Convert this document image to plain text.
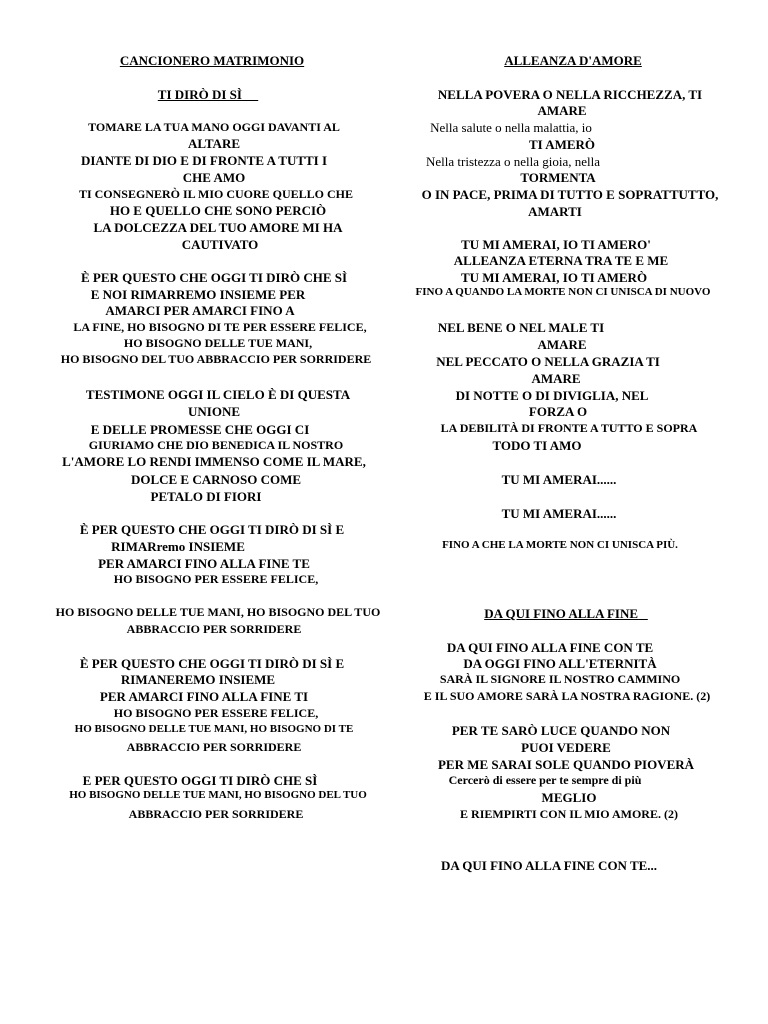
CANCIONERO MATRIMONIO
TI DIRÒ DI SÌ
TOMARE LA TUA MANO OGGI DAVANTI AL
ALTARE
DIANTE DI DIO E DI FRONTE A TUTTI I
CHE AMO
TI CONSEGNERÒ IL MIO CUORE QUELLO CHE
HO E QUELLO CHE SONO PERCIÒ
LA DOLCEZZA DEL TUO AMORE MI HA
CAUTIVATO
È PER QUESTO CHE OGGI TI DIRÒ CHE SÌ
E NOI RIMARREMO INSIEME PER
AMARCI PER AMARCI FINO A
LA FINE, HO BISOGNO DI TE PER ESSERE FELICE,
HO BISOGNO DELLE TUE MANI,
HO BISOGNO DEL TUO ABBRACCIO PER SORRIDERE
TESTIMONE OGGI IL CIELO È DI QUESTA
UNIONE
E DELLE PROMESSE CHE OGGI CI
GIURIAMO CHE DIO BENEDICA IL NOSTRO
L'AMORE LO RENDI IMMENSO COME IL MARE,
DOLCE E CARNOSO COME
PETALO DI FIORI
È PER QUESTO CHE OGGI TI DIRÒ DI SÌ E
RIMARremo INSIEME
PER AMARCI FINO ALLA FINE TE
HO BISOGNO PER ESSERE FELICE,
HO BISOGNO DELLE TUE MANI, HO BISOGNO DEL TUO
ABBRACCIO PER SORRIDERE
È PER QUESTO CHE OGGI TI DIRÒ DI SÌ E
RIMANEREMO INSIEME
PER AMARCI FINO ALLA FINE TI
HO BISOGNO PER ESSERE FELICE,
HO BISOGNO DELLE TUE MANI, HO BISOGNO DI TE
ABBRACCIO PER SORRIDERE
E PER QUESTO OGGI TI DIRÒ CHE SÌ
HO BISOGNO DELLE TUE MANI, HO BISOGNO DEL TUO
ABBRACCIO PER SORRIDERE
ALLEANZA D'AMORE
NELLA POVERA O NELLA RICCHEZZA, TI
AMARE
Nella salute o nella malattia, io
TI AMERÒ
Nella tristezza o nella gioia, nella
TORMENTA
O IN PACE, PRIMA DI TUTTO E SOPRATTUTTO,
AMARTI
TU MI AMERAI, IO TI AMERO'
ALLEANZA ETERNA TRA TE E ME
TU MI AMERAI, IO TI AMERÒ
FINO A QUANDO LA MORTE NON CI UNISCA DI NUOVO
NEL BENE O NEL MALE TI
AMARE
NEL PECCATO O NELLA GRAZIA TI
AMARE
DI NOTTE O DI DIVIGLIA, NEL
FORZA O
LA DEBILITÀ DI FRONTE A TUTTO E SOPRA
TODO TI AMO
TU MI AMERAI......
TU MI AMERAI......
FINO A CHE LA MORTE NON CI UNISCA PIÙ.
DA QUI FINO ALLA FINE
DA QUI FINO ALLA FINE CON TE
DA OGGI FINO ALL'ETERNITÀ
SARÀ IL SIGNORE IL NOSTRO CAMMINO
E IL SUO AMORE SARÀ LA NOSTRA RAGIONE. (2)
PER TE SARÒ LUCE QUANDO NON
PUOI VEDERE
PER ME SARAI SOLE QUANDO PIOVERÀ
Cercerò di essere per te sempre di più
MEGLIO
E RIEMPIRTI CON IL MIO AMORE. (2)
DA QUI FINO ALLA FINE CON TE...
